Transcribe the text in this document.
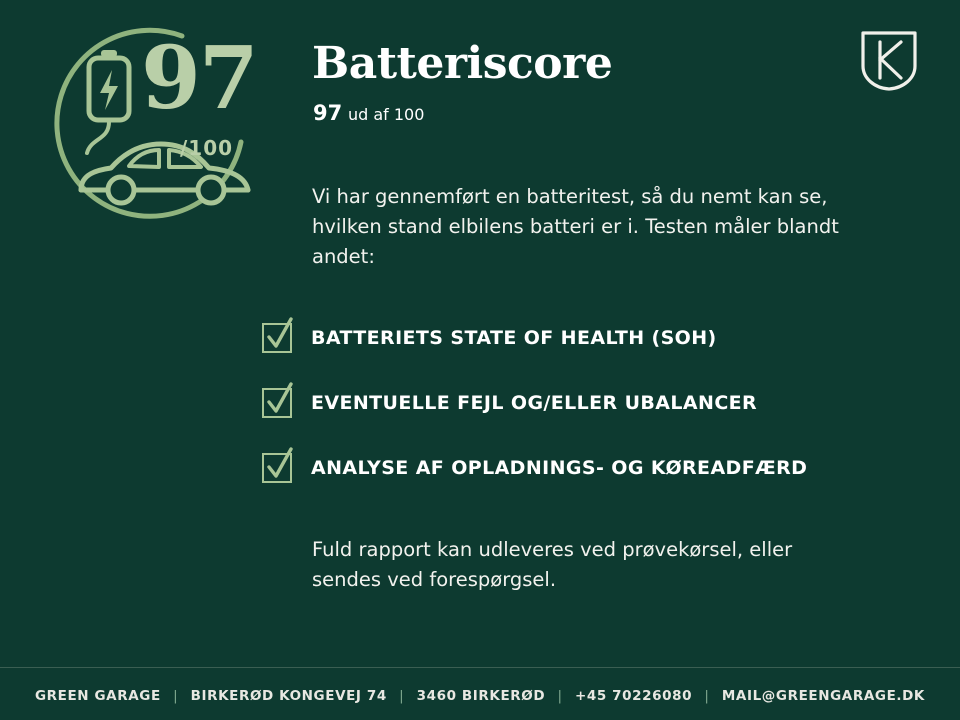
97
/100
Batteriscore
97 ud af 100
Vi har gennemført en batteritest, så du nemt kan se, hvilken stand elbilens batteri er i. Testen måler blandt andet:
BATTERIETS STATE OF HEALTH (SOH)
EVENTUELLE FEJL OG/ELLER UBALANCER
ANALYSE AF OPLADNINGS- OG KØREADFÆRD
Fuld rapport kan udleveres ved prøvekørsel, eller sendes ved forespørgsel.
GREEN GARAGE | BIRKERØD KONGEVEJ 74 | 3460 BIRKERØD | +45 70226080 | MAIL@GREENGARAGE.DK
